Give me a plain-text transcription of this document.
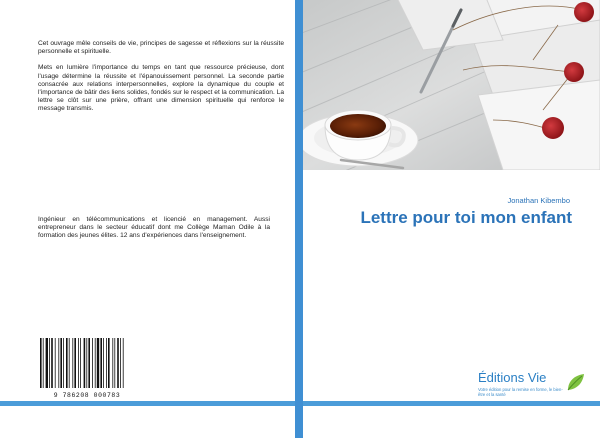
Cet ouvrage mêle conseils de vie, principes de sagesse et réflexions sur la réussite personnelle et spirituelle.

Mets en lumière l'importance du temps en tant que ressource précieuse, dont l'usage détermine la réussite et l'épanouissement personnel. La seconde partie consacrée aux relations interpersonnelles, explore la dynamique du couple et l'importance de bâtir des liens solides, fondés sur le respect et la communication. La lettre se clôt sur une prière, offrant une dimension spirituelle qui renforce le message transmis.

Ingénieur en télécommunications et licencié en management. Aussi entrepreneur dans le secteur éducatif dont me Collège Maman Odile à la formation des jeunes élites. 12 ans d'expériences dans l'enseignement.
9 786208 000783
Jonathan Kibembo
Lettre pour toi mon enfant
Éditions Vie
Votre édition pour la remise en forme, le bien-être et la santé
